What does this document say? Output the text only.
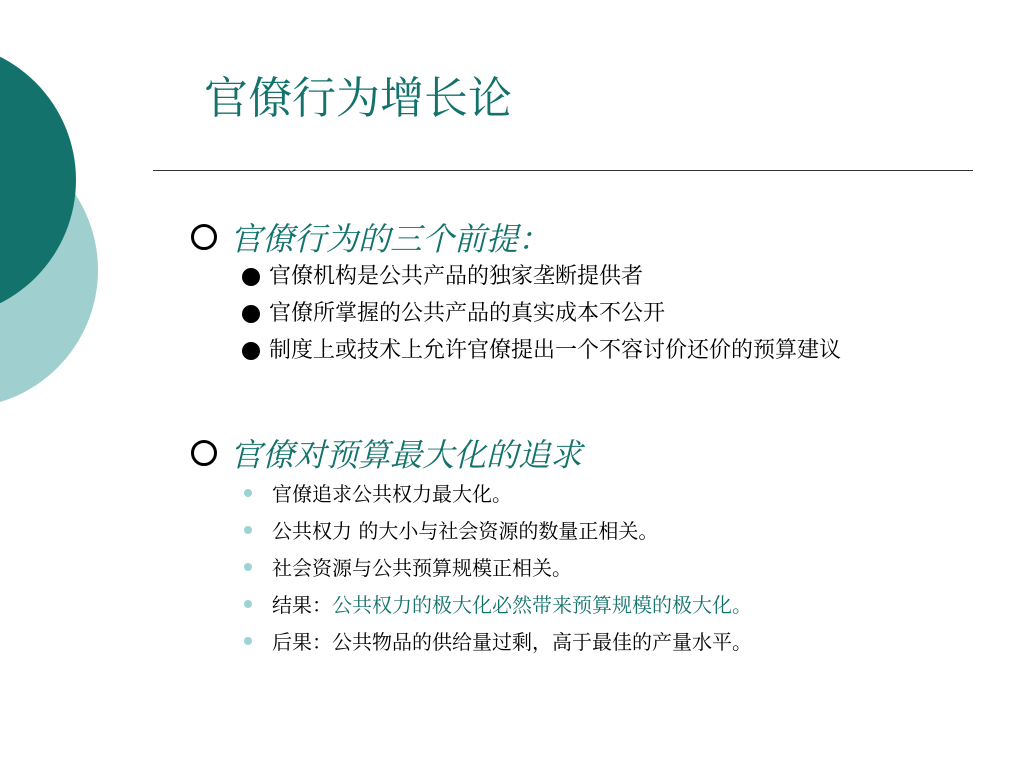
官僚行为增长论
官僚行为的三个前提：
官僚机构是公共产品的独家垄断提供者
官僚所掌握的公共产品的真实成本不公开
制度上或技术上允许官僚提出一个不容讨价还价的预算建议
官僚对预算最大化的追求
官僚追求公共权力最大化。
公共权力 的大小与社会资源的数量正相关。
社会资源与公共预算规模正相关。
结果： 公共权力的极大化必然带来预算规模的极大化。
后果：公共物品的供给量过剩，高于最佳的产量水平。
